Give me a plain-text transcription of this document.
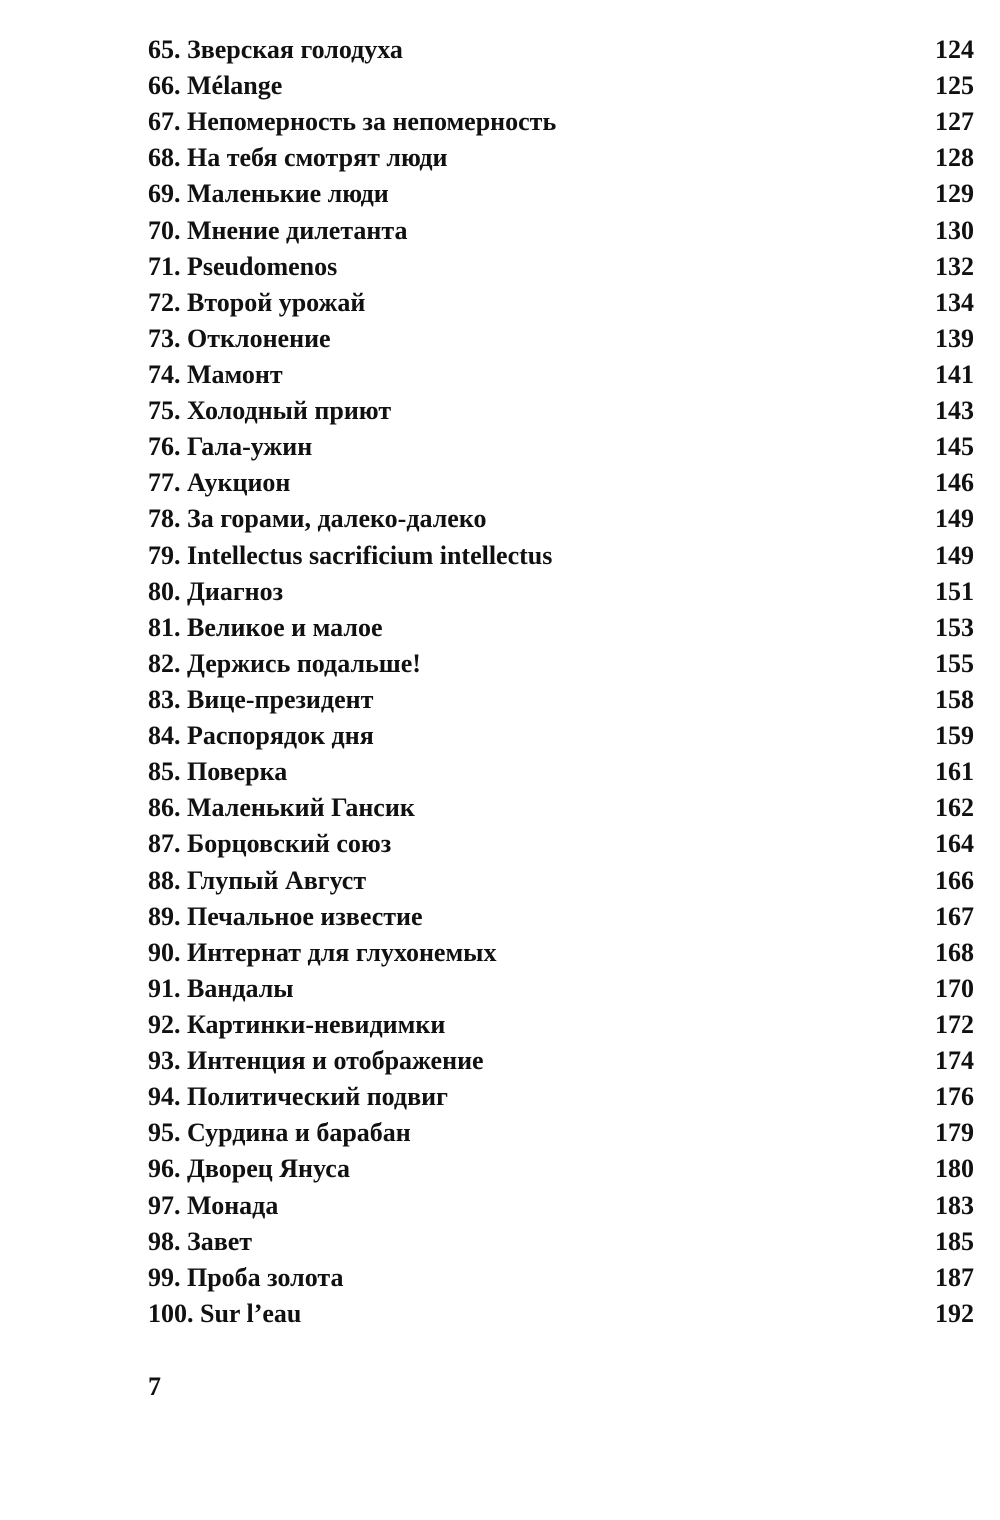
65. Зверская голодуха	124
66. Mélange	125
67. Непомерность за непомерность	127
68. На тебя смотрят люди	128
69. Маленькие люди	129
70. Мнение дилетанта	130
71. Pseudomenos	132
72. Второй урожай	134
73. Отклонение	139
74. Мамонт	141
75. Холодный приют	143
76. Гала-ужин	145
77. Аукцион	146
78. За горами, далеко-далеко	149
79. Intellectus sacrificium intellectus	149
80. Диагноз	151
81. Великое и малое	153
82. Держись подальше!	155
83. Вице-президент	158
84. Распорядок дня	159
85. Поверка	161
86. Маленький Гансик	162
87. Борцовский союз	164
88. Глупый Август	166
89. Печальное известие	167
90. Интернат для глухонемых	168
91. Вандалы	170
92. Картинки-невидимки	172
93. Интенция и отображение	174
94. Политический подвиг	176
95. Сурдина и барабан	179
96. Дворец Януса	180
97. Монада	183
98. Завет	185
99. Проба золота	187
100. Sur l’eau	192
7
